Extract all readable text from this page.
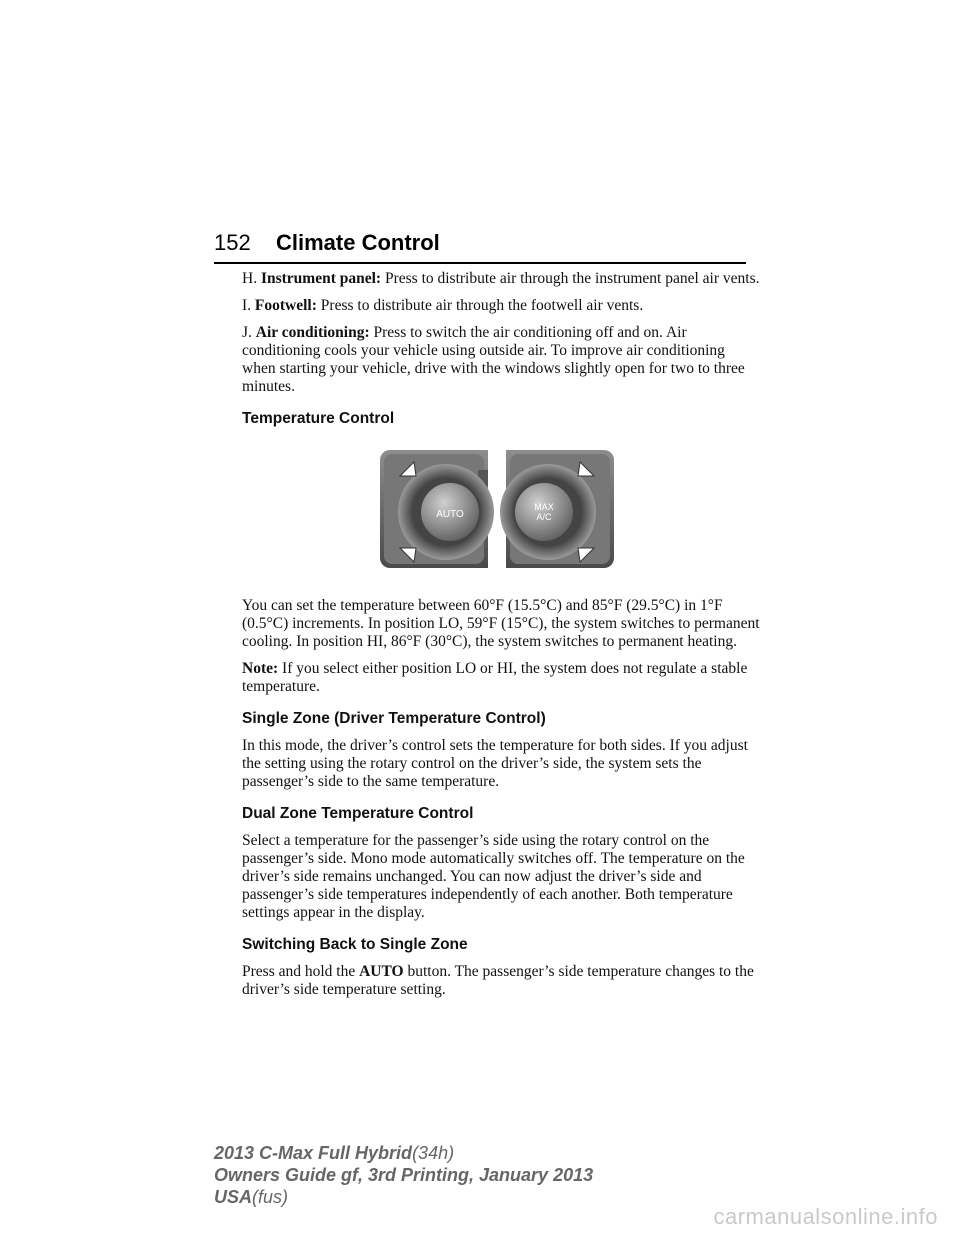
152 Climate Control

H. Instrument panel: Press to distribute air through the instrument panel air vents.

I. Footwell: Press to distribute air through the footwell air vents.

J. Air conditioning: Press to switch the air conditioning off and on. Air conditioning cools your vehicle using outside air. To improve air conditioning when starting your vehicle, drive with the windows slightly open for two to three minutes.

Temperature Control

You can set the temperature between 60°F (15.5°C) and 85°F (29.5°C) in 1°F (0.5°C) increments. In position LO, 59°F (15°C), the system switches to permanent cooling. In position HI, 86°F (30°C), the system switches to permanent heating.

Note: If you select either position LO or HI, the system does not regulate a stable temperature.

Single Zone (Driver Temperature Control)

In this mode, the driver’s control sets the temperature for both sides. If you adjust the setting using the rotary control on the driver’s side, the system sets the passenger’s side to the same temperature.

Dual Zone Temperature Control

Select a temperature for the passenger’s side using the rotary control on the passenger’s side. Mono mode automatically switches off. The temperature on the driver’s side remains unchanged. You can now adjust the driver’s side and passenger’s side temperatures independently of each another. Both temperature settings appear in the display.

Switching Back to Single Zone

Press and hold the AUTO button. The passenger’s side temperature changes to the driver’s side temperature setting.

AUTO
MAX
A/C
2013 C-Max Full Hybrid(34h)
Owners Guide gf, 3rd Printing, January 2013
USA(fus)
carmanualsonline.info
